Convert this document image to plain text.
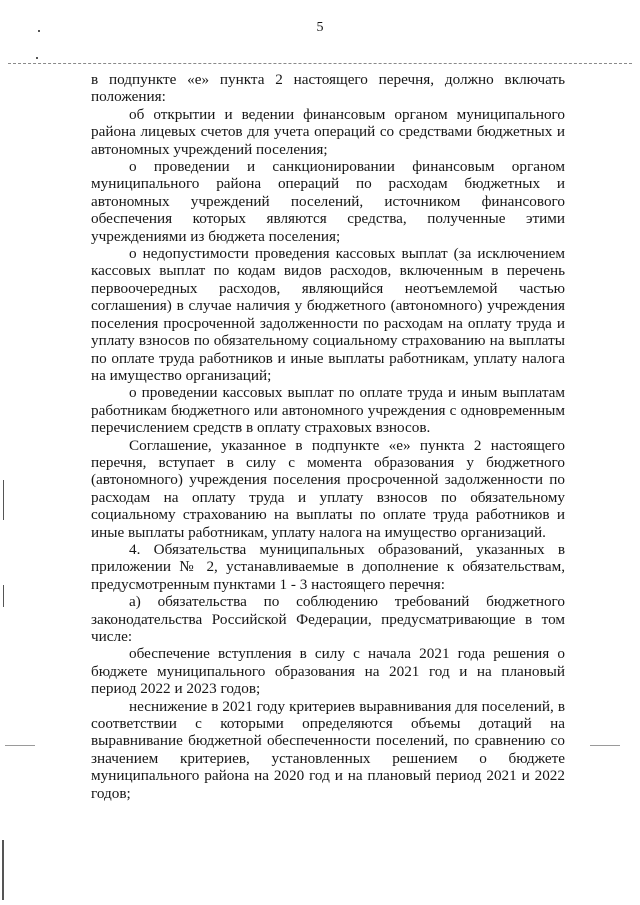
5

в подпункте «е» пункта 2 настоящего перечня, должно включать положения:

об открытии и ведении финансовым органом муниципального района лицевых счетов для учета операций со средствами бюджетных и автономных учреждений поселения;

о проведении и санкционировании финансовым органом муниципального района операций по расходам бюджетных и автономных учреждений поселений, источником финансового обеспечения которых являются средства, полученные этими учреждениями из бюджета поселения;

о недопустимости проведения кассовых выплат (за исключением кассовых выплат по кодам видов расходов, включенным в перечень первоочередных расходов, являющийся неотъемлемой частью соглашения) в случае наличия у бюджетного (автономного) учреждения поселения просроченной задолженности по расходам на оплату труда и уплату взносов по обязательному социальному страхованию на выплаты по оплате труда работников и иные выплаты работникам, уплату налога на имущество организаций;

о проведении кассовых выплат по оплате труда и иным выплатам работникам бюджетного или автономного учреждения с одновременным перечислением средств в оплату страховых взносов.

Соглашение, указанное в подпункте «е» пункта 2 настоящего перечня, вступает в силу с момента образования у бюджетного (автономного) учреждения поселения просроченной задолженности по расходам на оплату труда и уплату взносов по обязательному социальному страхованию на выплаты по оплате труда работников и иные выплаты работникам, уплату налога на имущество организаций.

4. Обязательства муниципальных образований, указанных в приложении № 2, устанавливаемые в дополнение к обязательствам, предусмотренным пунктами 1 - 3 настоящего перечня:

а) обязательства по соблюдению требований бюджетного законодательства Российской Федерации, предусматривающие в том числе:

обеспечение вступления в силу с начала 2021 года решения о бюджете муниципального образования на 2021 год и на плановый период 2022 и 2023 годов;

неснижение в 2021 году критериев выравнивания для поселений, в соответствии с которыми определяются объемы дотаций на выравнивание бюджетной обеспеченности поселений, по сравнению со значением критериев, установленных решением о бюджете муниципального района на 2020 год и на плановый период 2021 и 2022 годов;
